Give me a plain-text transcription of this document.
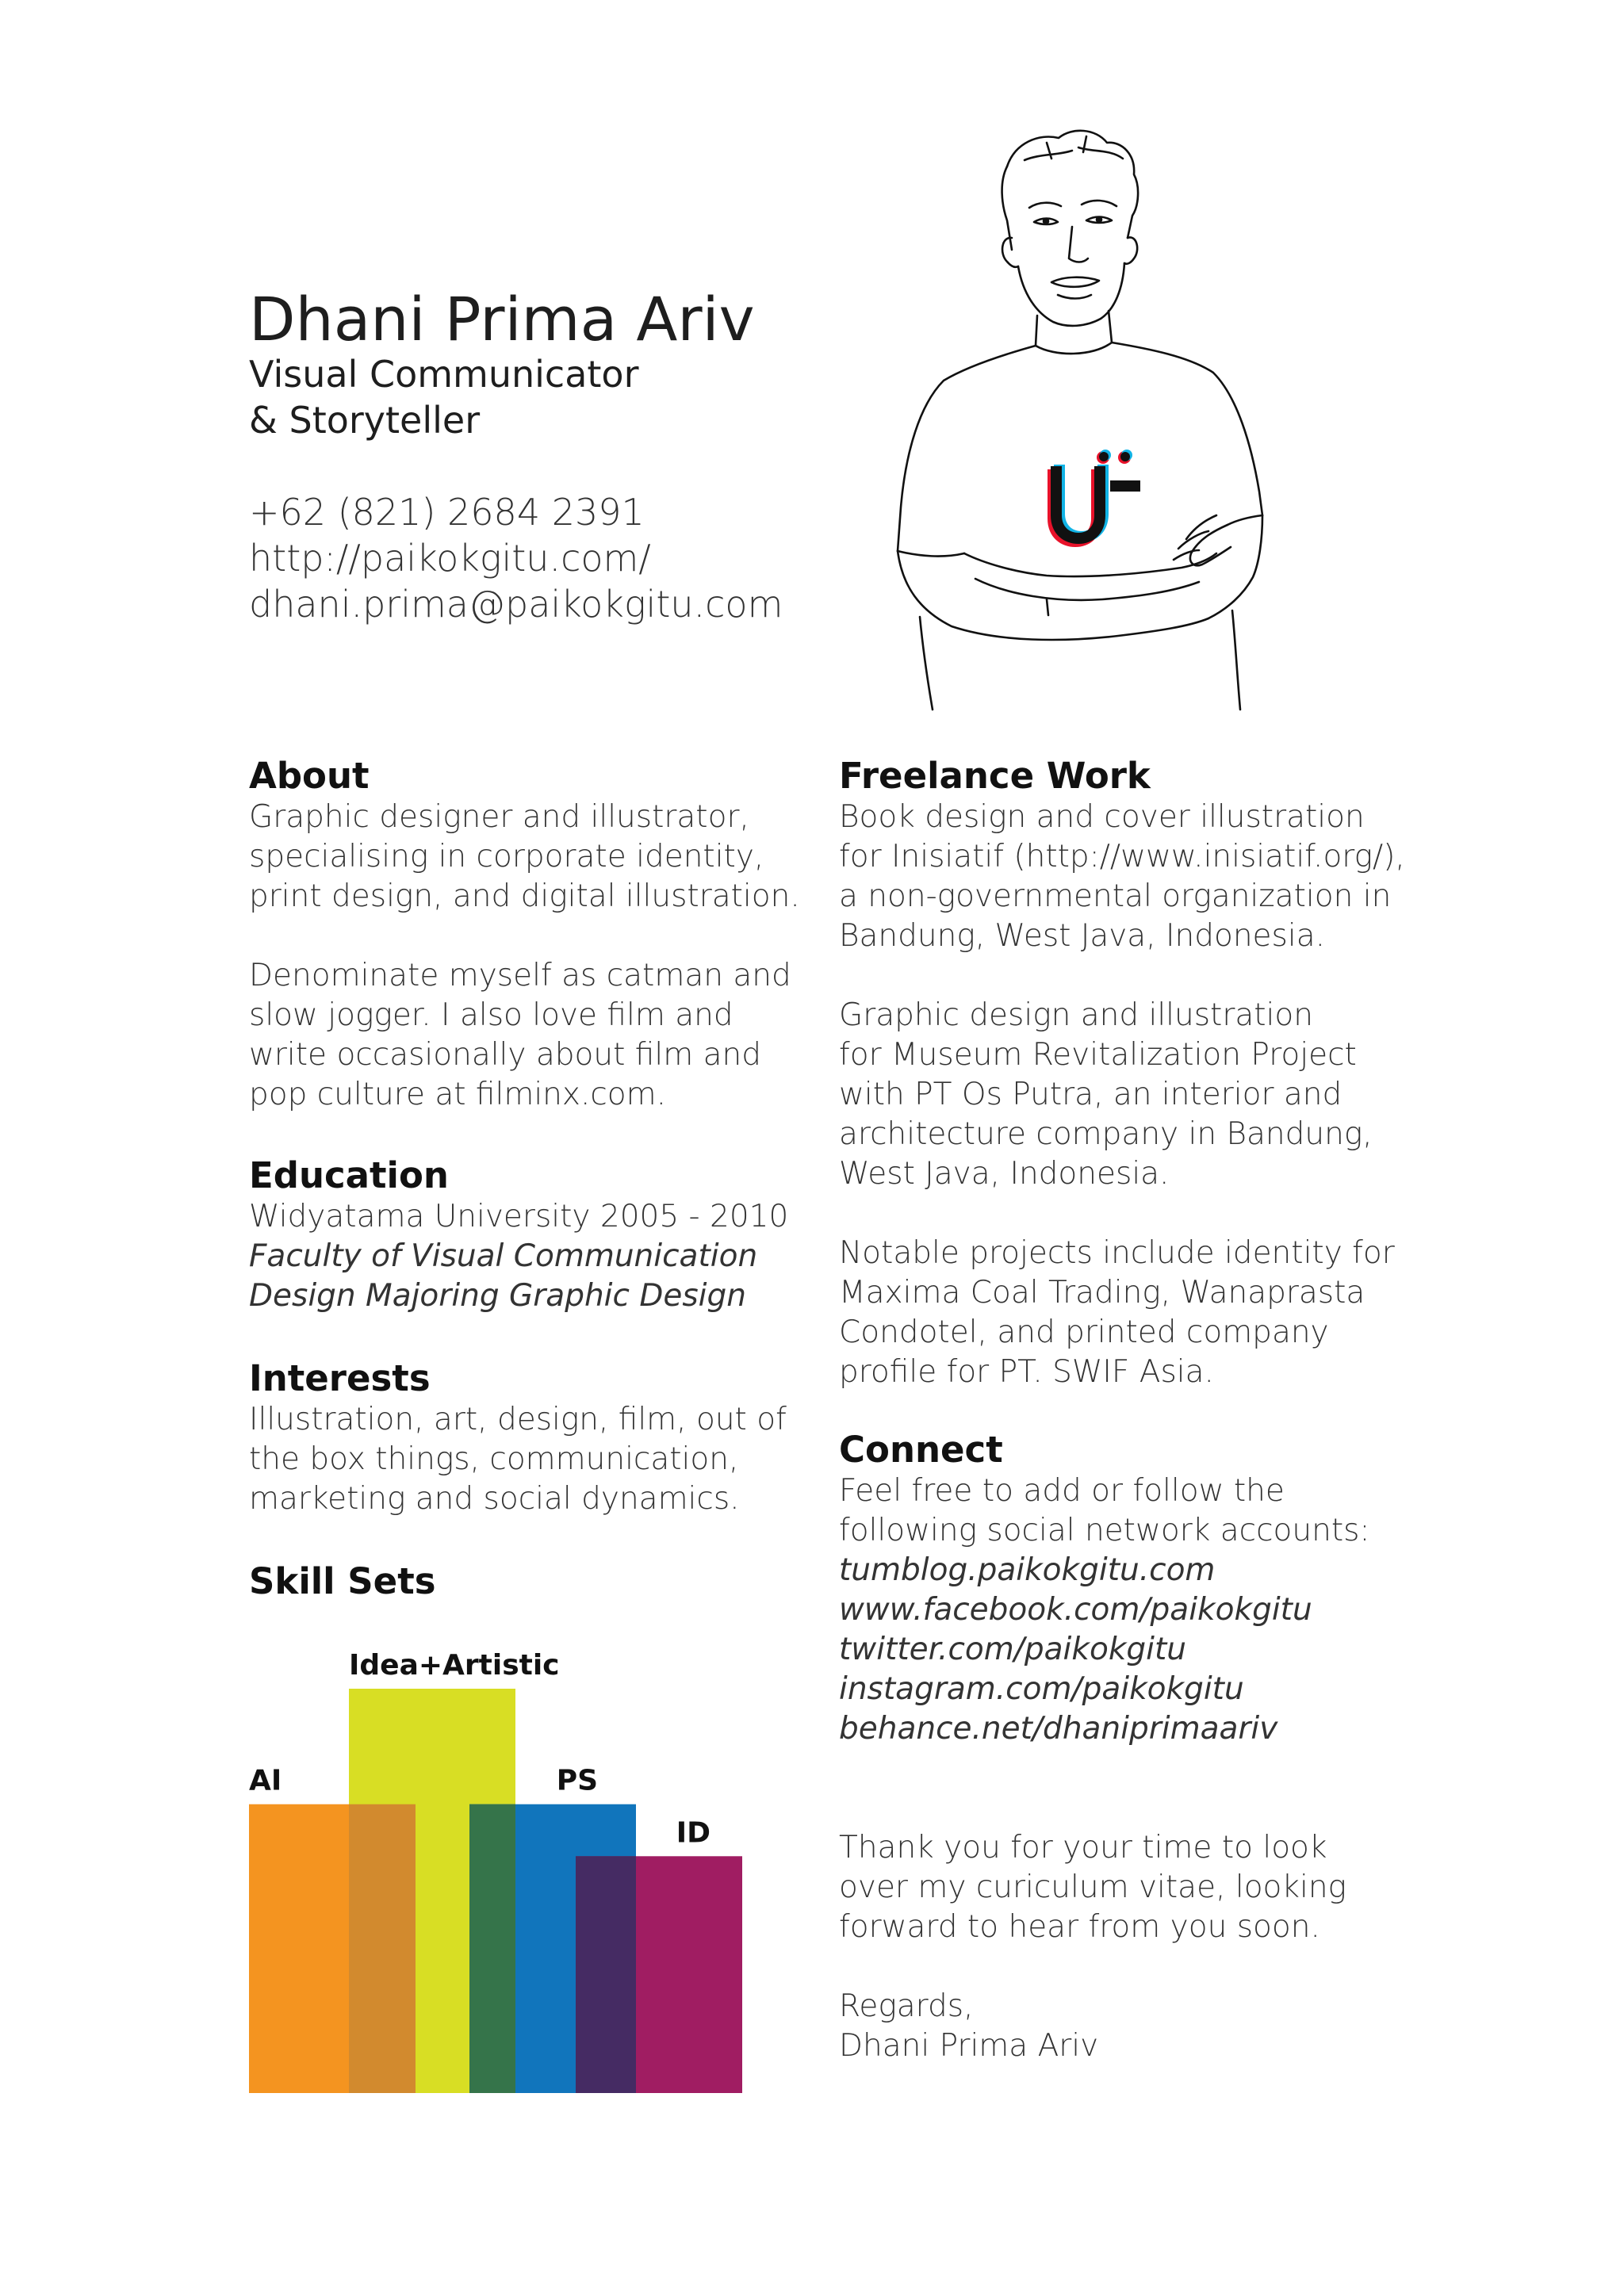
Dhani Prima Ariv
Visual Communicator
& Storyteller
+62 (821) 2684 2391
http://paikokgitu.com/
dhani.prima@paikokgitu.com
About

Graphic designer and illustrator,

specialising in corporate identity,

print design, and digital illustration.

Denominate myself as catman and

slow jogger. I also love film and

write occasionally about film and

pop culture at filminx.com.

Education

Widyatama University 2005 - 2010

Faculty of Visual Communication

Design Majoring Graphic Design

Interests

Illustration, art, design, film, out of

the box things, communication,

marketing and social dynamics.

Skill Sets
AI
Idea+Artistic
PS
ID
Freelance Work

Book design and cover illustration

for Inisiatif (http://www.inisiatif.org/),

a non-governmental organization in

Bandung, West Java, Indonesia.

Graphic design and illustration

for Museum Revitalization Project

with PT Os Putra, an interior and

architecture company in Bandung,

West Java, Indonesia.

Notable projects include identity for

Maxima Coal Trading, Wanaprasta

Condotel, and printed company

profile for PT. SWIF Asia.

Connect

Feel free to add or follow the

following social network accounts:

tumblog.paikokgitu.com

www.facebook.com/paikokgitu

twitter.com/paikokgitu

instagram.com/paikokgitu

behance.net/dhaniprimaariv

Thank you for your time to look

over my curiculum vitae, looking

forward to hear from you soon.

Regards,

Dhani Prima Ariv
